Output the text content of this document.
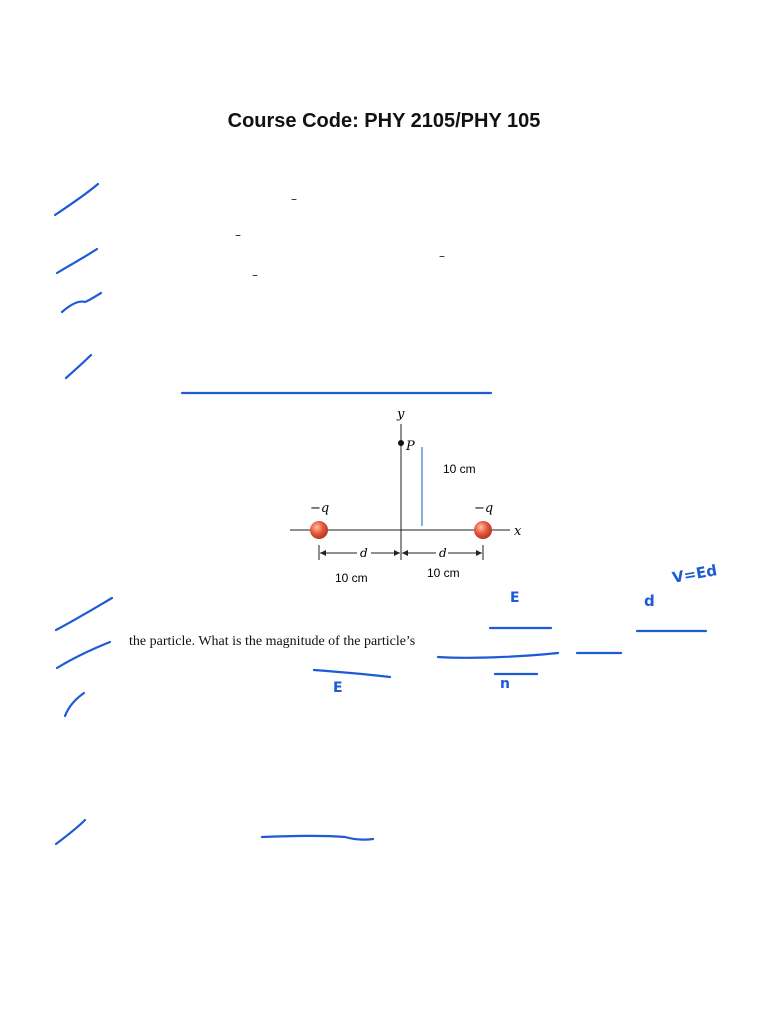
Course Code: PHY 2105/PHY 105
–
–
–
–
the particle. What is the magnitude of the particle’s
E	d
V=Ed
E	n
y
x
P
10 cm
−q	−q
d	d
10 cm	10 cm
